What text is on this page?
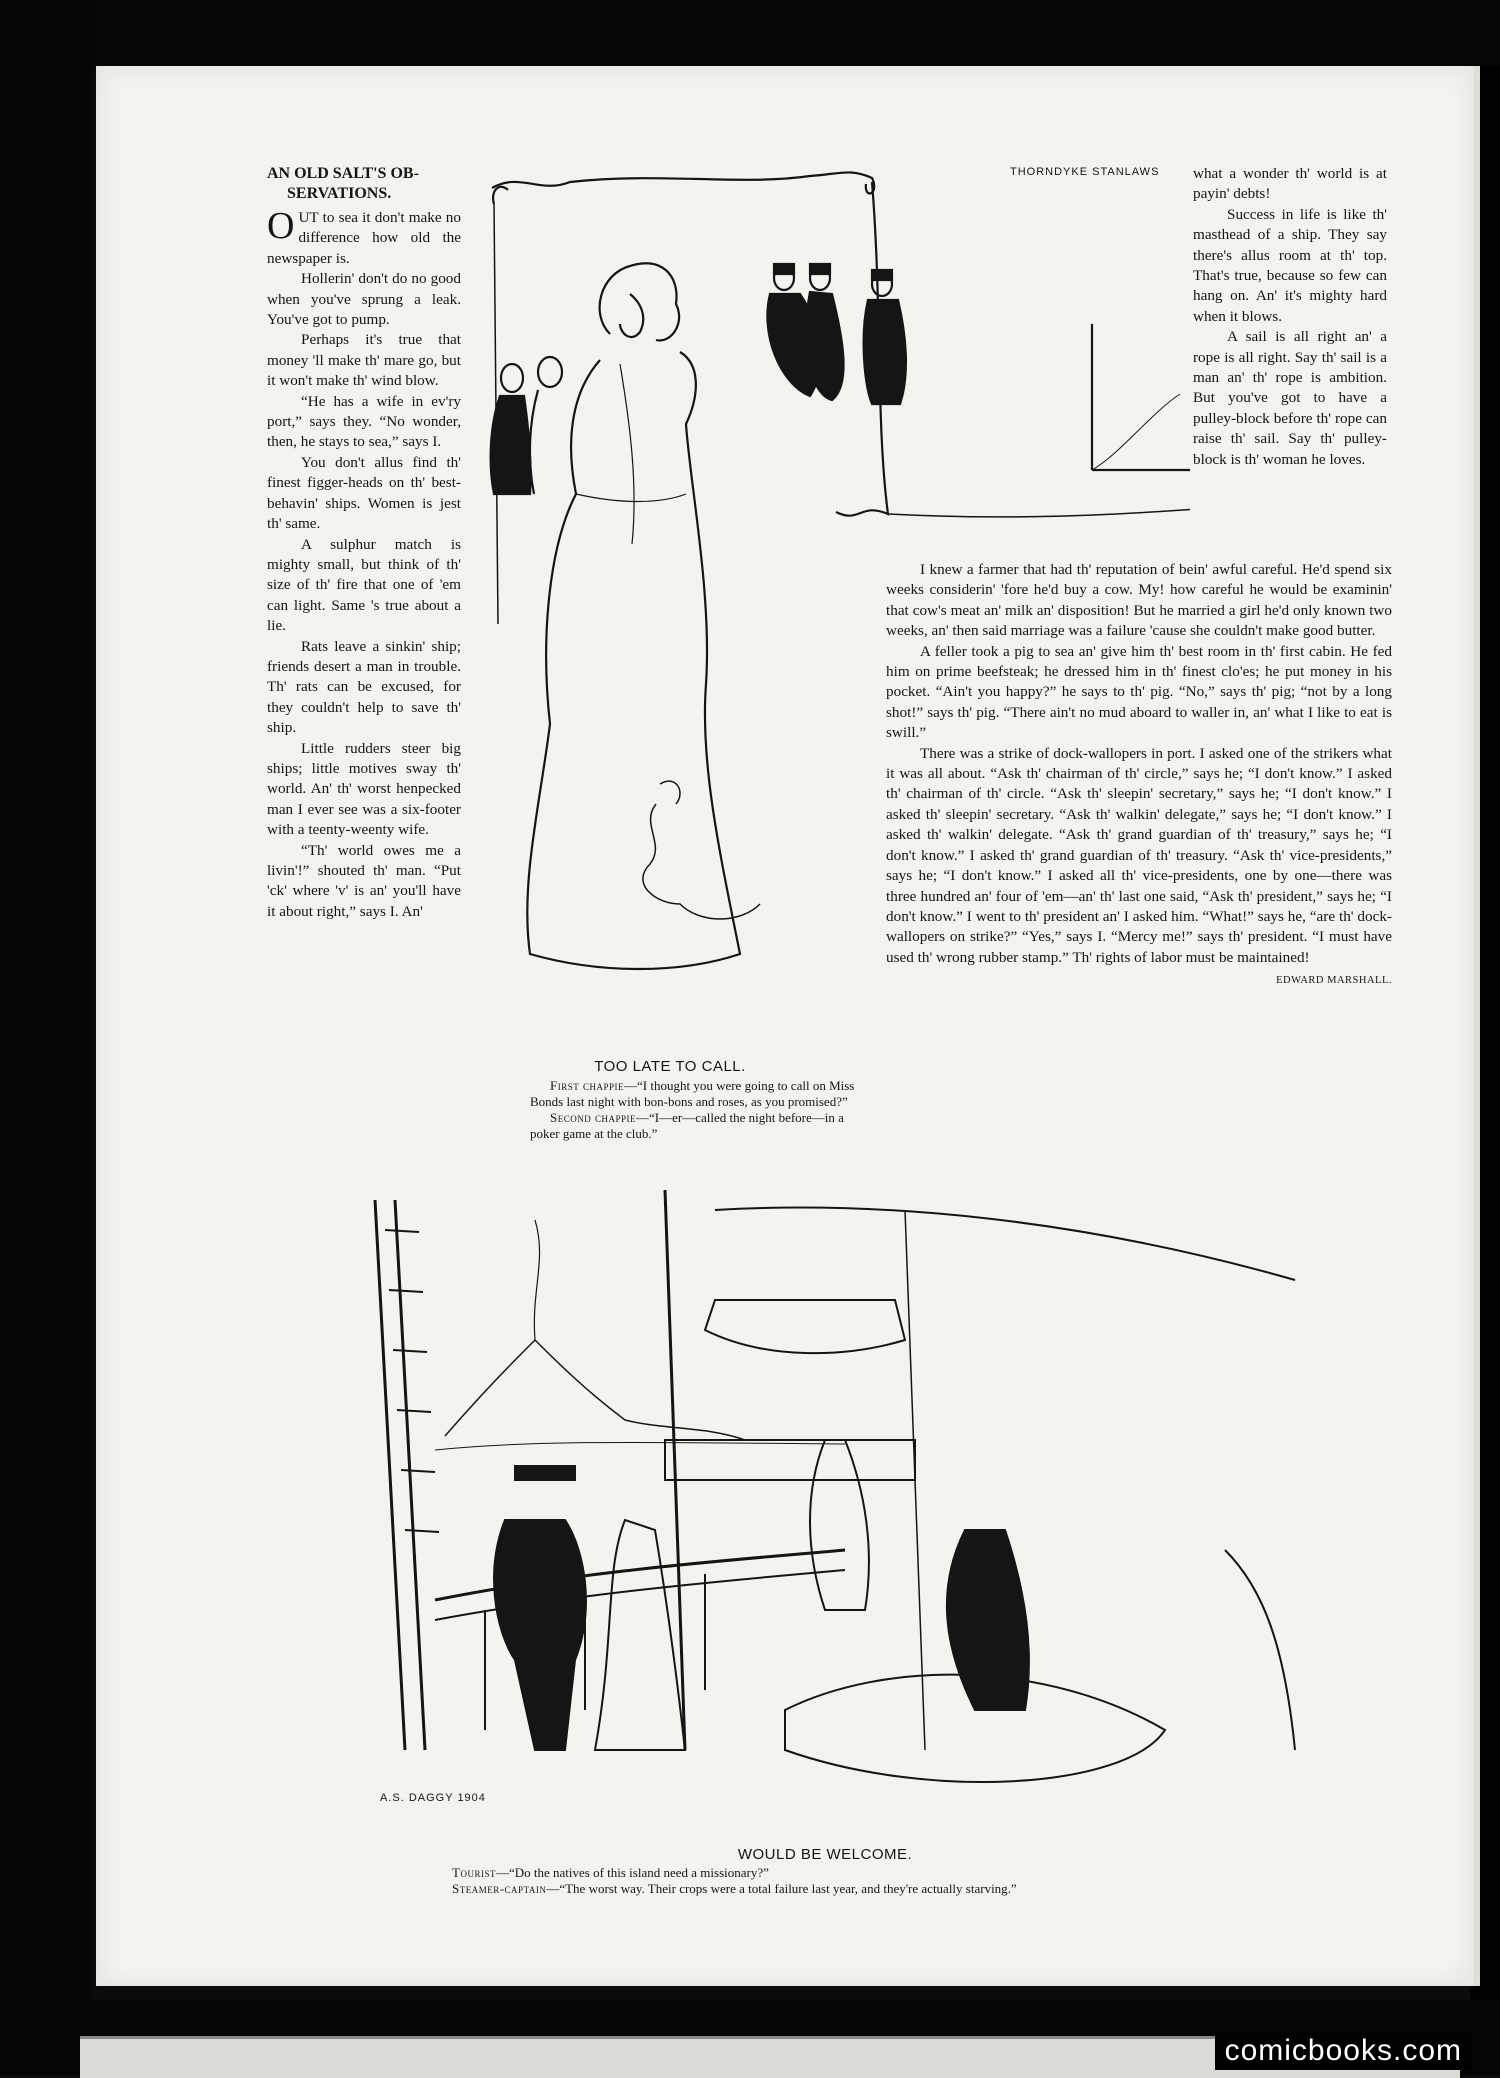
AN OLD SALT'S OB-
SERVATIONS.

OUT to sea it don't make no difference how old the newspaper is.

Hollerin' don't do no good when you've sprung a leak. You've got to pump.

Perhaps it's true that money 'll make th' mare go, but it won't make th' wind blow.

“He has a wife in ev'ry port,” says they. “No wonder, then, he stays to sea,” says I.

You don't allus find th' finest figger-heads on th' best-behavin' ships. Women is jest th' same.

A sulphur match is mighty small, but think of th' size of th' fire that one of 'em can light. Same 's true about a lie.

Rats leave a sinkin' ship; friends desert a man in trouble. Th' rats can be excused, for they couldn't help to save th' ship.

Little rudders steer big ships; little motives sway th' world. An' th' worst henpecked man I ever see was a six-footer with a teenty-weenty wife.

“Th' world owes me a livin'!” shouted th' man. “Put 'ck' where 'v' is an' you'll have it about right,” says I. An'

what a wonder th' world is at payin' debts!

Success in life is like th' masthead of a ship. They say there's allus room at th' top. That's true, because so few can hang on. An' it's mighty hard when it blows.

A sail is all right an' a rope is all right. Say th' sail is a man an' th' rope is ambition. But you've got to have a pulley-block before th' rope can raise th' sail. Say th' pulley-block is th' woman he loves.

I knew a farmer that had th' reputation of bein' awful careful. He'd spend six weeks considerin' 'fore he'd buy a cow. My! how careful he would be examinin' that cow's meat an' milk an' disposition! But he married a girl he'd only known two weeks, an' then said marriage was a failure 'cause she couldn't make good butter.

A feller took a pig to sea an' give him th' best room in th' first cabin. He fed him on prime beefsteak; he dressed him in th' finest clo'es; he put money in his pocket. “Ain't you happy?” he says to th' pig. “No,” says th' pig; “not by a long shot!” says th' pig. “There ain't no mud aboard to waller in, an' what I like to eat is swill.”

There was a strike of dock-wallopers in port. I asked one of the strikers what it was all about. “Ask th' chairman of th' circle,” says he; “I don't know.” I asked th' chairman of th' circle. “Ask th' sleepin' secretary,” says he; “I don't know.” I asked th' sleepin' secretary. “Ask th' walkin' delegate,” says he; “I don't know.” I asked th' walkin' delegate. “Ask th' grand guardian of th' treasury,” says he; “I don't know.” I asked th' grand guardian of th' treasury. “Ask th' vice-presidents,” says he; “I don't know.” I asked all th' vice-presidents, one by one—there was three hundred an' four of 'em—an' th' last one said, “Ask th' president,” says he; “I don't know.” I went to th' president an' I asked him. “What!” says he, “are th' dock-wallopers on strike?” “Yes,” says I. “Mercy me!” says th' president. “I must have used th' wrong rubber stamp.” Th' rights of labor must be maintained!
EDWARD MARSHALL.

THORNDYKE STANLAWS
TOO LATE TO CALL.
First chappie—“I thought you were going to call on Miss Bonds last night with bon-bons and roses, as you promised?”
Second chappie—“I—er—called the night before—in a poker game at the club.”
A.S. DAGGY 1904
WOULD BE WELCOME.
Tourist—“Do the natives of this island need a missionary?”
Steamer-captain—“The worst way. Their crops were a total failure last year, and they're actually starving.”
comicbooks.com
